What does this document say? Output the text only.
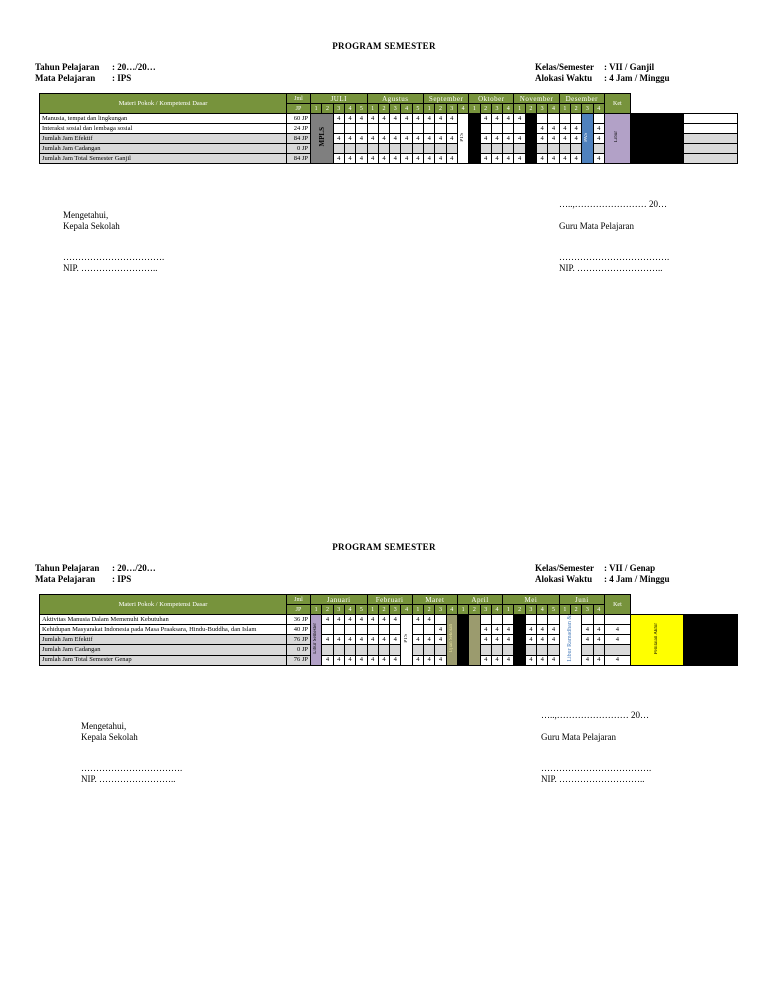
PROGRAM SEMESTER
Tahun Pelajaran : 20…/20…
Mata Pelajaran : IPS
Kelas/Semester : VII / Ganjil
Alokasi Waktu : 4 Jam / Minggu
Materi Pokok / Kompetensi Dasar	Jml	JULI					Agustus					September				Oktober				November				Desember				Ket		
	JP	1	2	3	4	5	1	2	3	4	5	1	2	3	4	1	2	3	4	1	2	3	4	1	2	3	4			
Manusia, tempat dan lingkungan	60 JP	MPLS		4	4	4	4	4	4	4	4	4	4	4	PTS		4	4	4	4						PAS		Libur		
Interaksi sosial dan lembaga sosial	24 JP																					4	4	4	4		4			
Jumlah Jam Efektif	84 JP			4	4	4	4	4	4	4	4	4	4	4			4	4	4	4		4	4	4	4		4			
Jumlah Jam Cadangan	0 JP																													
Jumlah Jam Total Semester Ganjil	84 JP			4	4	4	4	4	4	4	4	4	4	4			4	4	4	4		4	4	4	4		4			
…..,…………………… 20…
Mengetahui,
Kepala Sekolah	Guru Mata Pelajaran
…………………………….
NIP. ……………………..
……………………………….
NIP. ………………………..
PROGRAM SEMESTER
Tahun Pelajaran : 20…/20…
Mata Pelajaran : IPS
Kelas/Semester : VII / Genap
Alokasi Waktu : 4 Jam / Minggu
Materi Pokok / Kompetensi Dasar	Jml	Januari					Februari				Maret				April				Mei					Juni				Ket		
	JP	1	2	3	4	5	1	2	3	4	1	2	3	4	1	2	3	4	1	2	3	4	5	1	2	3	4			
Aktivitas Manusia Dalam Memenuhi Kebutuhan	36 JP	Libur Semester	4	4	4	4	4	4	4	PTS	4	4		Ujian Sekolah										Libur Ramadhan &					Penilaian Akhir	
Kehidupan Masyarakat Indonesia pada Masa Praaksara, Hindu-Buddha, dan Islam	40 JP												4				4	4	4		4	4	4			4	4	4		
Jumlah Jam Efektif	76 JP		4	4	4	4	4	4	4		4	4	4				4	4	4		4	4	4			4	4	4		
Jumlah Jam Cadangan	0 JP																													
Jumlah Jam Total Semester Genap	76 JP		4	4	4	4	4	4	4		4	4	4				4	4	4		4	4	4			4	4	4		
…..,…………………… 20…
Mengetahui,
Kepala Sekolah	Guru Mata Pelajaran
…………………………….
NIP. ……………………..
……………………………….
NIP. ………………………..
